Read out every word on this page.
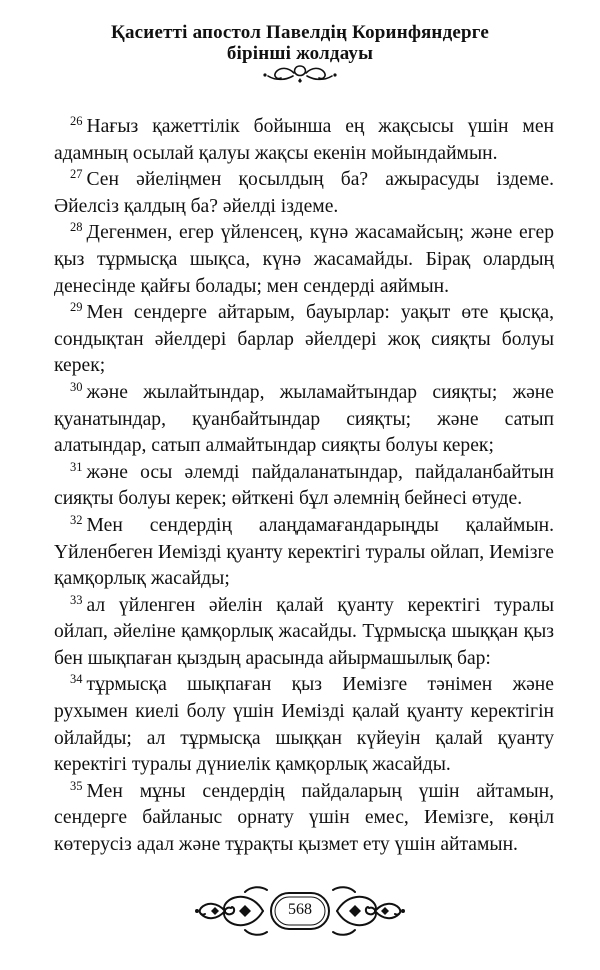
Қасиетті апостол Павелдің Коринфяндерге
бірінші жолдауы

$^{26}$ Нағыз қажеттілік бойынша ең жақсысы үшін мен адамның осылай қалуы жақсы екенін мойындаймын.

$^{27}$ Сен әйеліңмен қосылдың ба? ажырасуды іздеме. Әйелсіз қалдың ба? әйелді іздеме.

$^{28}$ Дегенмен, егер үйленсең, күнә жасамайсың; және егер қыз тұрмысқа шықса, күнә жасамайды. Бірақ олардың денесінде қайғы болады; мен сендерді аяймын.

$^{29}$ Мен сендерге айтарым, бауырлар: уақыт өте қысқа, сондықтан әйелдері барлар әйелдері жоқ сияқты болуы керек;

$^{30}$ және жылайтындар, жыламайтындар сияқты; және қуанатындар, қуанбайтындар сияқты; және сатып алатындар, сатып алмайтындар сияқты болуы керек;

$^{31}$ және осы әлемді пайдаланатындар, пайдаланбайтын сияқты болуы керек; өйткені бұл әлемнің бейнесі өтуде.

$^{32}$ Мен сендердің алаңдамағандарыңды қалаймын. Үйленбеген Иемізді қуанту керектігі туралы ойлап, Иемізге қамқорлық жасайды;

$^{33}$ ал үйленген әйелін қалай қуанту керектігі туралы ойлап, әйеліне қамқорлық жасайды. Тұрмысқа шыққан қыз бен шықпаған қыздың арасында айырмашылық бар:

$^{34}$ тұрмысқа шықпаған қыз Иемізге тәнімен және рухымен киелі болу үшін Иемізді қалай қуанту керектігін ойлайды; ал тұрмысқа шыққан күйеуін қалай қуанту керектігі туралы дүниелік қамқорлық жасайды.

$^{35}$ Мен мұны сендердің пайдаларың үшін айтамын, сендерге байланыс орнату үшін емес, Иемізге, көңіл көтерусіз адал және тұрақты қызмет ету үшін айтамын.

568
